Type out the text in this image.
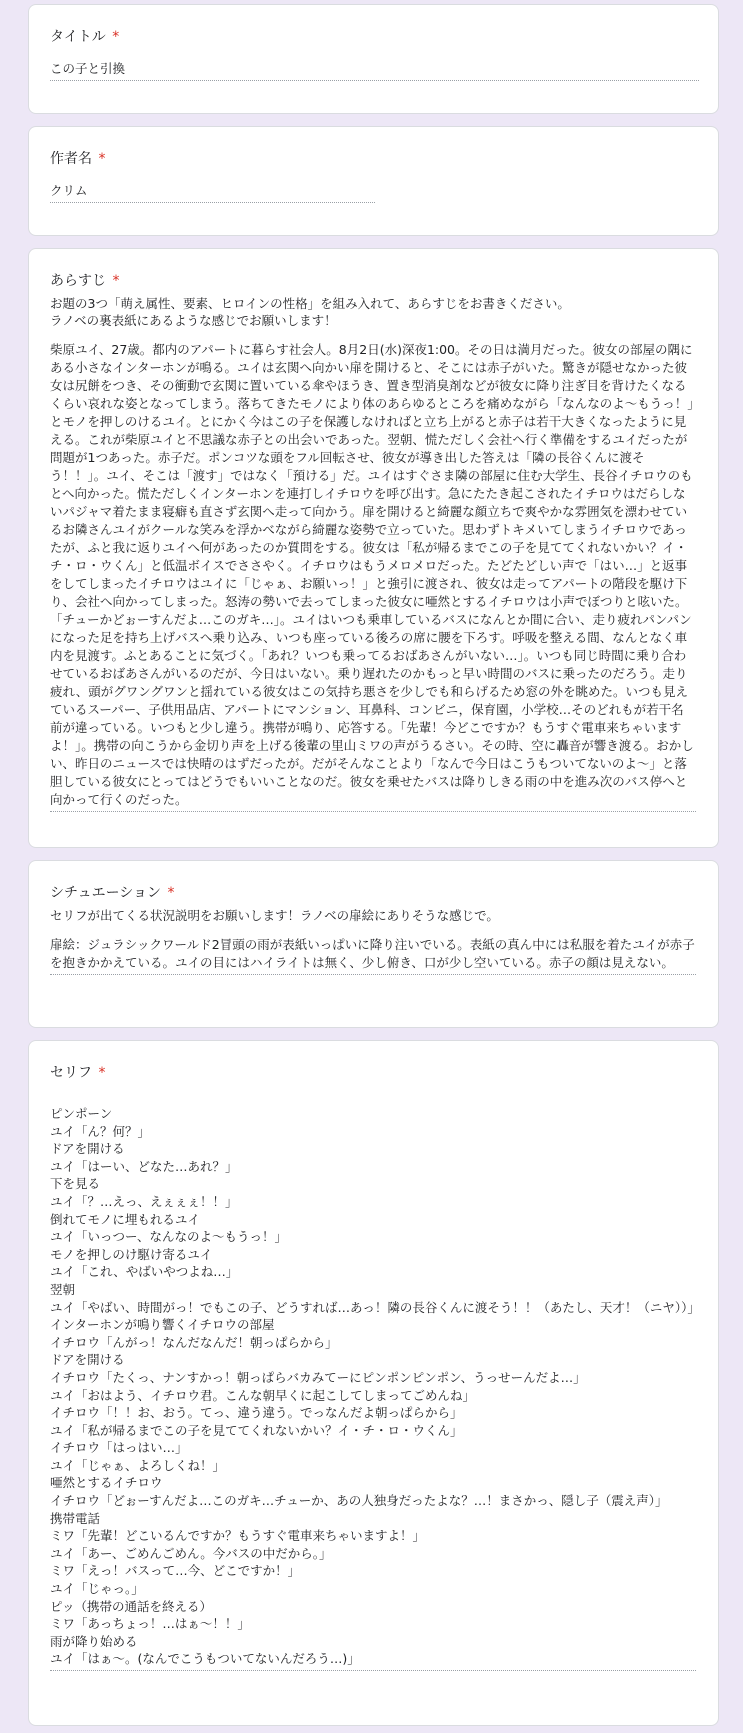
タイトル *
この子と引換
作者名 *
クリム
あらすじ *
お題の3つ「萌え属性、要素、ヒロインの性格」を組み入れて、あらすじをお書きください。
ラノベの裏表紙にあるような感じでお願いします！
柴原ユイ、27歳。都内のアパートに暮らす社会人。8月2日(水)深夜1:00。その日は満月だった。彼女の部屋の隅にある小さなインターホンが鳴る。ユイは玄関へ向かい扉を開けると、そこには赤子がいた。驚きが隠せなかった彼女は尻餅をつき、その衝動で玄関に置いている傘やほうき、置き型消臭剤などが彼女に降り注ぎ目を背けたくなるくらい哀れな姿となってしまう。落ちてきたモノにより体のあらゆるところを痛めながら「なんなのよ〜もうっ！」とモノを押しのけるユイ。とにかく今はこの子を保護しなければと立ち上がると赤子は若干大きくなったように見える。これが柴原ユイと不思議な赤子との出会いであった。翌朝、慌ただしく会社へ行く準備をするユイだったが問題が1つあった。赤子だ。ポンコツな頭をフル回転させ、彼女が導き出した答えは「隣の長谷くんに渡そう！！」。ユイ、そこは「渡す」ではなく「預ける」だ。ユイはすぐさま隣の部屋に住む大学生、長谷イチロウのもとへ向かった。慌ただしくインターホンを連打しイチロウを呼び出す。急にたたき起こされたイチロウはだらしないパジャマ着たまま寝癖も直さず玄関へ走って向かう。扉を開けると綺麗な顔立ちで爽やかな雰囲気を漂わせているお隣さんユイがクールな笑みを浮かべながら綺麗な姿勢で立っていた。思わずトキメいてしまうイチロウであったが、ふと我に返りユイへ何があったのか質問をする。彼女は「私が帰るまでこの子を見ててくれないかい？イ・チ・ロ・ウくん」と低温ボイスでささやく。イチロウはもうメロメロだった。たどたどしい声で「はい…」と返事をしてしまったイチロウはユイに「じゃぁ、お願いっ！」と強引に渡され、彼女は走ってアパートの階段を駆け下り、会社へ向かってしまった。怒涛の勢いで去ってしまった彼女に唖然とするイチロウは小声でぼつりと呟いた。「チューかどぉーすんだよ…このガキ…」。ユイはいつも乗車しているバスになんとか間に合い、走り疲れパンパンになった足を持ち上げバスへ乗り込み、いつも座っている後ろの席に腰を下ろす。呼吸を整える間、なんとなく車内を見渡す。ふとあることに気づく。「あれ？いつも乗ってるおばあさんがいない…」。いつも同じ時間に乗り合わせているおばあさんがいるのだが、今日はいない。乗り遅れたのかもっと早い時間のバスに乗ったのだろう。走り疲れ、頭がグワングワンと揺れている彼女はこの気持ち悪さを少しでも和らげるため窓の外を眺めた。いつも見えているスーパー、子供用品店、アパートにマンション、耳鼻科、コンビニ，保育園，小学校…そのどれもが若干名前が違っている。いつもと少し違う。携帯が鳴り、応答する。「先輩！今どこですか？もうすぐ電車来ちゃいますよ！」。携帯の向こうから金切り声を上げる後輩の里山ミワの声がうるさい。その時、空に轟音が響き渡る。おかしい、昨日のニュースでは快晴のはずだったが。だがそんなことより「なんで今日はこうもついてないのよ〜」と落胆している彼女にとってはどうでもいいことなのだ。彼女を乗せたバスは降りしきる雨の中を進み次のバス停へと向かって行くのだった。
シチュエーション *
セリフが出てくる状況説明をお願いします！ラノベの扉絵にありそうな感じで。
扉絵：ジュラシックワールド2冒頭の雨が表紙いっぱいに降り注いでいる。表紙の真ん中には私服を着たユイが赤子を抱きかかえている。ユイの目にはハイライトは無く、少し俯き、口が少し空いている。赤子の顔は見えない。
セリフ *
ピンポーン
ユイ「ん？何？」
ドアを開ける
ユイ「はーい、どなた…あれ？」
下を見る
ユイ「？…えっ、えぇぇぇ！！」
倒れてモノに埋もれるユイ
ユイ「いっつー、なんなのよ〜もうっ！」
モノを押しのけ駆け寄るユイ
ユイ「これ、やばいやつよね…」
翌朝
ユイ「やばい、時間がっ！でもこの子、どうすれば…あっ！隣の長谷くんに渡そう！！（あたし、天才！（ニヤ））」
インターホンが鳴り響くイチロウの部屋
イチロウ「んがっ！なんだなんだ！朝っぱらから」
ドアを開ける
イチロウ「たくっ、ナンすかっ！朝っぱらバカみてーにピンポンピンポン、うっせーんだよ…」
ユイ「おはよう、イチロウ君。こんな朝早くに起こしてしまってごめんね」
イチロウ「！！お、おう。てっ、違う違う。でっなんだよ朝っぱらから」
ユイ「私が帰るまでこの子を見ててくれないかい？イ・チ・ロ・ウくん」
イチロウ「はっはい…」
ユイ「じゃぁ、よろしくね！」
唖然とするイチロウ
イチロウ「どぉーすんだよ…このガキ…チューか、あの人独身だったよな？…！まさかっ、隠し子（震え声）」
携帯電話
ミワ「先輩！どこいるんですか？もうすぐ電車来ちゃいますよ！」
ユイ「あー、ごめんごめん。今バスの中だから。」
ミワ「えっ！バスって…今、どこですか！」
ユイ「じゃっ。」
ピッ（携帯の通話を終える）
ミワ「あっちょっ！…はぁ〜！！」
雨が降り始める
ユイ「はぁ〜。(なんでこうもついてないんだろう…)」
